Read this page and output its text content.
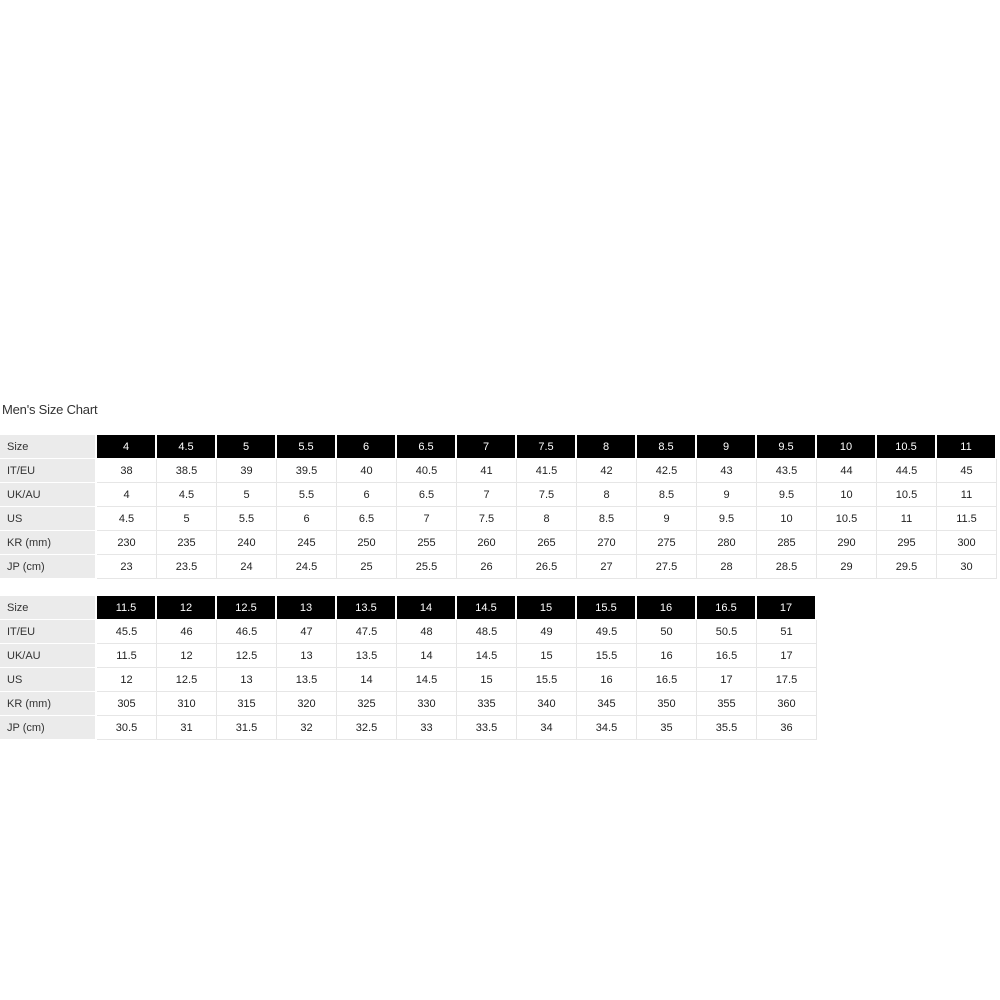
Men's Size Chart
Size	4	4.5	5	5.5	6	6.5	7	7.5	8	8.5	9	9.5	10	10.5	11
IT/EU	38	38.5	39	39.5	40	40.5	41	41.5	42	42.5	43	43.5	44	44.5	45
UK/AU	4	4.5	5	5.5	6	6.5	7	7.5	8	8.5	9	9.5	10	10.5	11
US	4.5	5	5.5	6	6.5	7	7.5	8	8.5	9	9.5	10	10.5	11	11.5
KR (mm)	230	235	240	245	250	255	260	265	270	275	280	285	290	295	300
JP (cm)	23	23.5	24	24.5	25	25.5	26	26.5	27	27.5	28	28.5	29	29.5	30
Size	11.5	12	12.5	13	13.5	14	14.5	15	15.5	16	16.5	17
IT/EU	45.5	46	46.5	47	47.5	48	48.5	49	49.5	50	50.5	51
UK/AU	11.5	12	12.5	13	13.5	14	14.5	15	15.5	16	16.5	17
US	12	12.5	13	13.5	14	14.5	15	15.5	16	16.5	17	17.5
KR (mm)	305	310	315	320	325	330	335	340	345	350	355	360
JP (cm)	30.5	31	31.5	32	32.5	33	33.5	34	34.5	35	35.5	36
